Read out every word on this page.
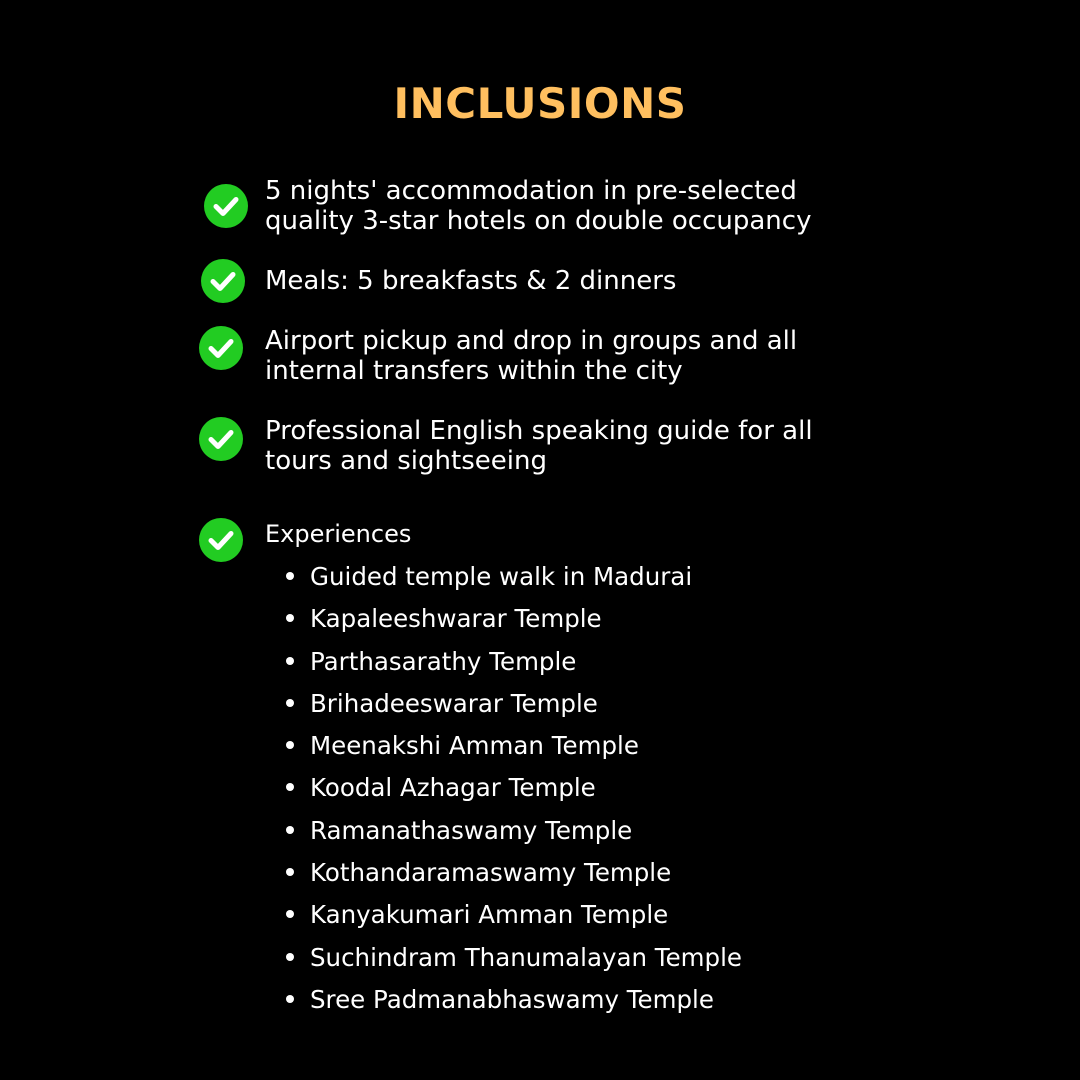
INCLUSIONS
5 nights' accommodation in pre-selected
quality 3-star hotels on double occupancy
Meals: 5 breakfasts & 2 dinners
Airport pickup and drop in groups and all
internal transfers within the city
Professional English speaking guide for all
tours and sightseeing
Experiences
Guided temple walk in Madurai
Kapaleeshwarar Temple
Parthasarathy Temple
Brihadeeswarar Temple
Meenakshi Amman Temple
Koodal Azhagar Temple
Ramanathaswamy Temple
Kothandaramaswamy Temple
Kanyakumari Amman Temple
Suchindram Thanumalayan Temple
Sree Padmanabhaswamy Temple
